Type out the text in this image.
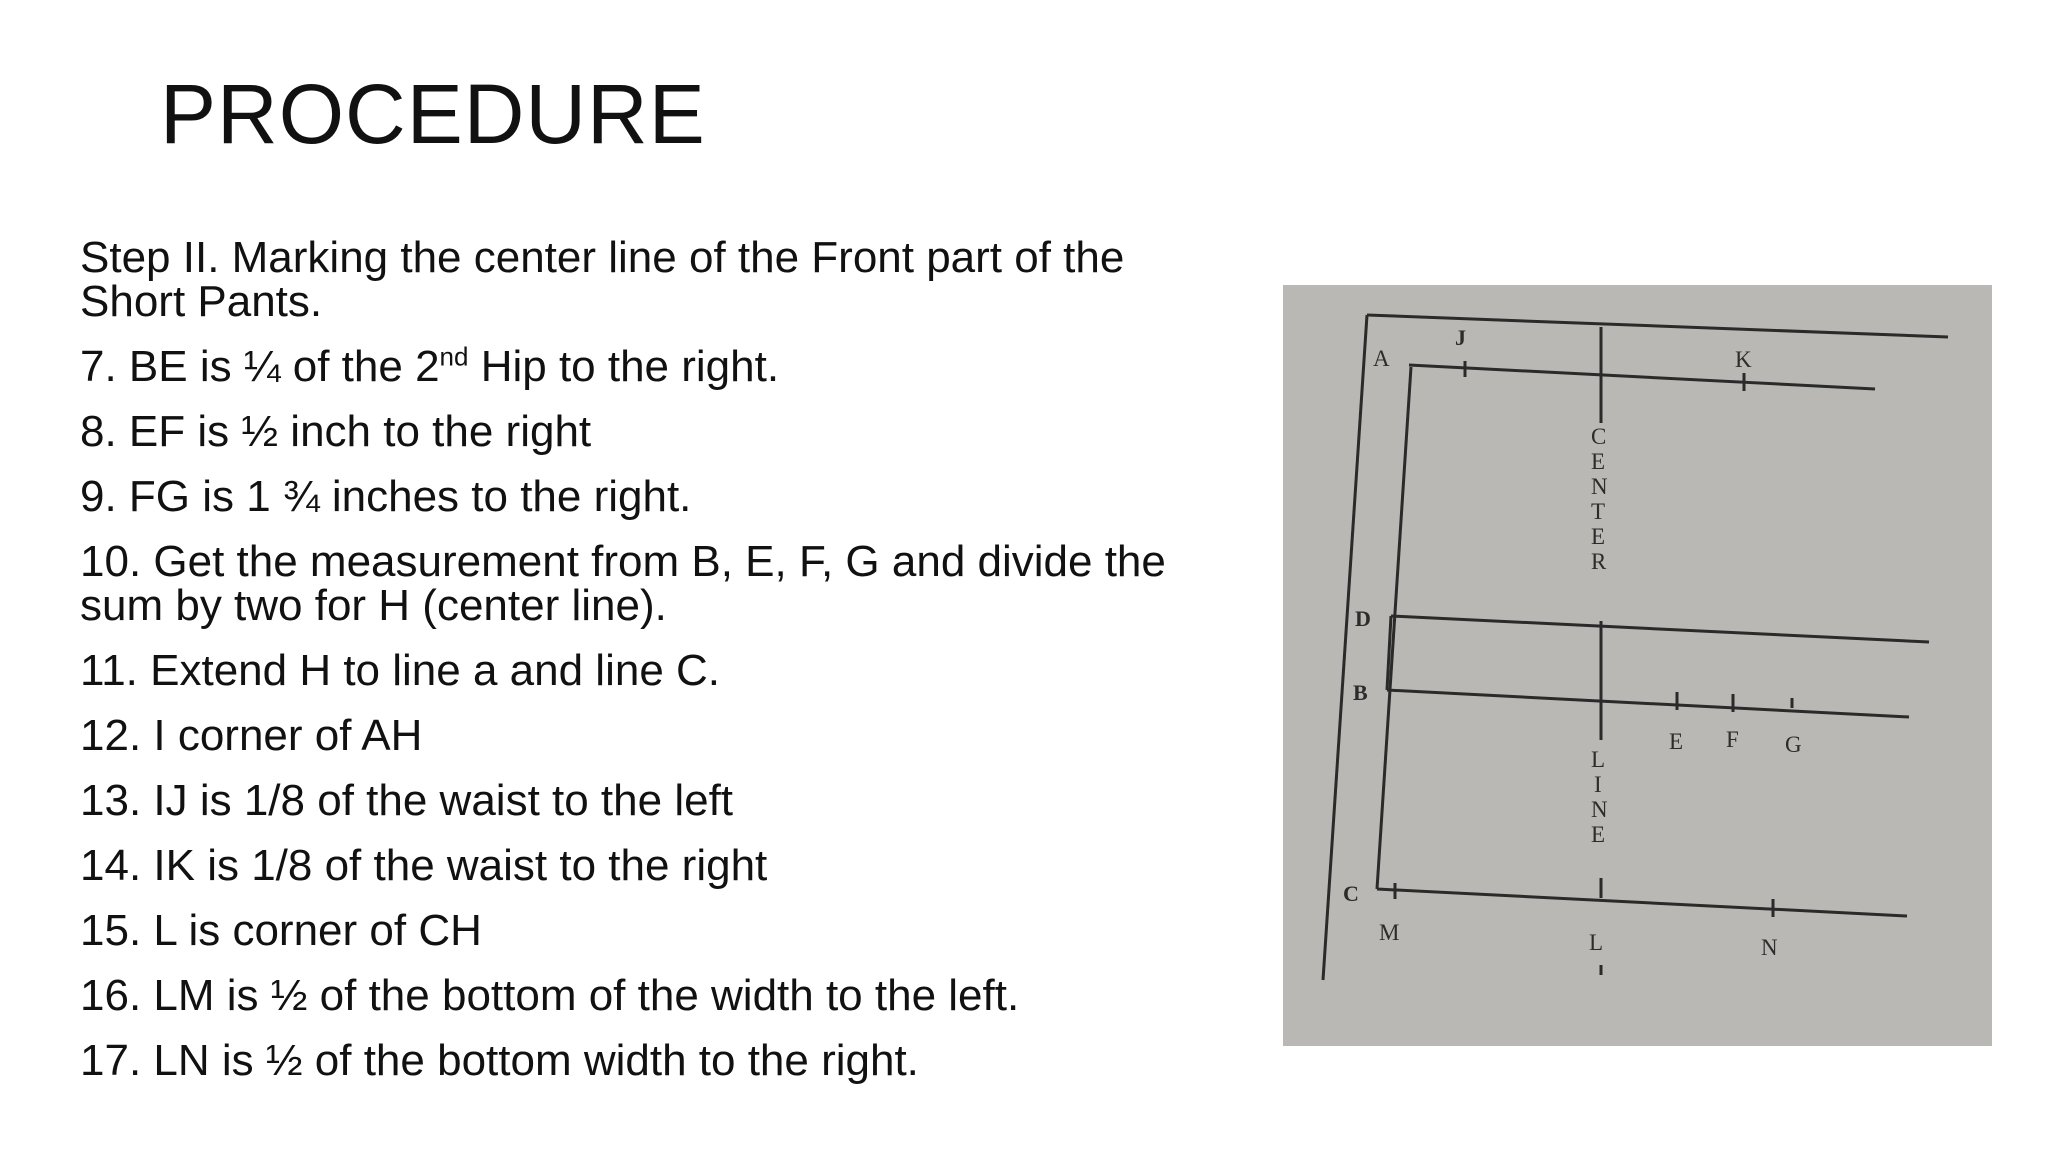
PROCEDURE

Step II. Marking the center line of the Front part of the Short Pants.

7. BE is ¼ of the 2nd Hip to the right.

8. EF is ½ inch to the right

9. FG is 1 ¾ inches to the right.

10. Get the measurement from B, E, F, G and divide the sum by two for H (center line).

11. Extend H to line a and line C.

12. I corner of AH

13. IJ is 1/8 of the waist to the left

14. IK is 1/8 of the waist to the right

15. L is corner of CH

16. LM is ½ of the bottom of the width to the left.

17. LN is ½ of the bottom width to the right.

A
J
K
D
B
E F G
C
M	L	N
C
E
N
T
E
R
L
I
N
E
